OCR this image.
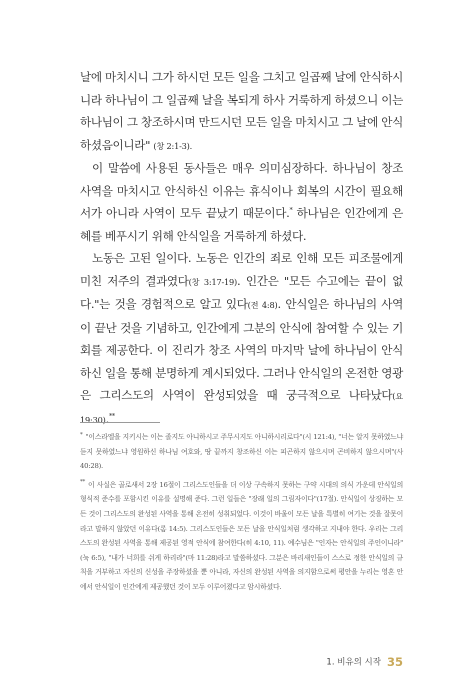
날에 마치시니 그가 하시던 모든 일을 그치고 일곱째 날에 안식하시니라 하나님이 그 일곱째 날을 복되게 하사 거룩하게 하셨으니 이는 하나님이 그 창조하시며 만드시던 모든 일을 마치시고 그 날에 안식하셨음이니라" (창 2:1-3).

이 말씀에 사용된 동사들은 매우 의미심장하다. 하나님이 창조 사역을 마치시고 안식하신 이유는 휴식이나 회복의 시간이 필요해서가 아니라 사역이 모두 끝났기 때문이다.* 하나님은 인간에게 은혜를 베푸시기 위해 안식일을 거룩하게 하셨다.

노동은 고된 일이다. 노동은 인간의 죄로 인해 모든 피조물에게 미친 저주의 결과였다(창 3:17-19). 인간은 "모든 수고에는 끝이 없다."는 것을 경험적으로 알고 있다(전 4:8). 안식일은 하나님의 사역이 끝난 것을 기념하고, 인간에게 그분의 안식에 참여할 수 있는 기회를 제공한다. 이 진리가 창조 사역의 마지막 날에 하나님이 안식하신 일을 통해 분명하게 계시되었다. 그러나 안식일의 온전한 영광은 그리스도의 사역이 완성되었을 때 궁극적으로 나타났다(요 19:30).**

* "이스라엘을 지키시는 이는 졸지도 아니하시고 주무시지도 아니하시리로다"(시 121:4), "너는 알지 못하였느냐 듣지 못하였느냐 영원하신 하나님 여호와, 땅 끝까지 창조하신 이는 피곤하지 않으시며 곤비하지 않으시며"(사 40:28).

** 이 사실은 골로새서 2장 16절이 그리스도인들을 더 이상 구속하지 못하는 구약 시대의 의식 가운데 안식일의 형식적 준수를 포함시킨 이유를 설명해 준다. 그런 일들은 "장래 일의 그림자이다"(17절). 안식일이 상징하는 모든 것이 그리스도의 완성된 사역을 통해 온전히 성취되었다. 이것이 바울이 모든 날을 특별히 여기는 것을 잘못이라고 말하지 않았던 이유다(롬 14:5). 그리스도인들은 모든 날을 안식일처럼 생각하고 지내야 한다. 우리는 그리스도의 완성된 사역을 통해 제공된 영적 안식에 참여한다(히 4:10, 11). 예수님은 "인자는 안식일의 주인이니라"(눅 6:5), "내가 너희를 쉬게 하리라"(마 11:28)라고 말씀하셨다. 그분은 바리새인들이 스스로 정한 안식일의 규칙을 거부하고 자신의 신성을 주장하셨을 뿐 아니라, 자신의 완성된 사역을 의지함으로써 평안을 누리는 영혼 안에서 안식일이 인간에게 제공했던 것이 모두 이루어졌다고 암시하셨다.

1. 비유의 시작 35
